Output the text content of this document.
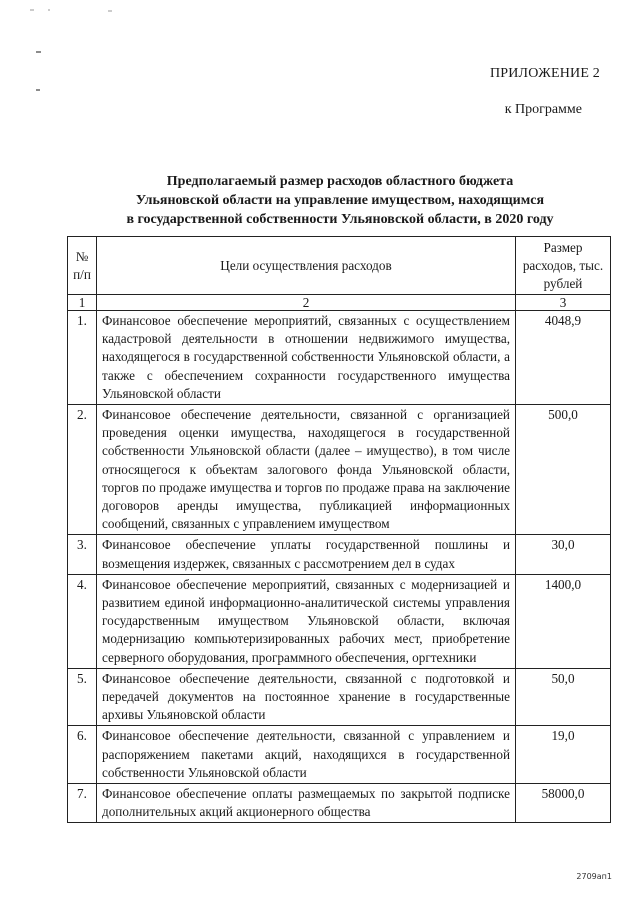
ПРИЛОЖЕНИЕ 2
к Программе
Предполагаемый размер расходов областного бюджета
Ульяновской области на управление имуществом, находящимся
в государственной собственности Ульяновской области, в 2020 году
№ п/п	Цели осуществления расходов	Размер расходов, тыс. рублей
1	2	3
1.	Финансовое обеспечение мероприятий, связанных с осуществлением кадастровой деятельности в отношении недвижимого имущества, находящегося в государственной собственности Ульяновской области, а также с обеспечением сохранности государственного имущества Ульяновской области	4048,9
2.	Финансовое обеспечение деятельности, связанной с организацией проведения оценки имущества, находящегося в государственной собственности Ульяновской области (далее – имущество), в том числе относящегося к объектам залогового фонда Ульяновской области, торгов по продаже имущества и торгов по продаже права на заключение договоров аренды имущества, публикацией информационных сообщений, связанных с управлением имуществом	500,0
3.	Финансовое обеспечение уплаты государственной пошлины и возмещения издержек, связанных с рассмотрением дел в судах	30,0
4.	Финансовое обеспечение мероприятий, связанных с модернизацией и развитием единой информационно-аналитической системы управления государственным имуществом Ульяновской области, включая модернизацию компьютеризированных рабочих мест, приобретение серверного оборудования, программного обеспечения, оргтехники	1400,0
5.	Финансовое обеспечение деятельности, связанной с подготовкой и передачей документов на постоянное хранение в государственные архивы Ульяновской области	50,0
6.	Финансовое обеспечение деятельности, связанной с управлением и распоряжением пакетами акций, находящихся в государственной собственности Ульяновской области	19,0
7.	Финансовое обеспечение оплаты размещаемых по закрытой подписке дополнительных акций акционерного общества	58000,0
2709ап1
